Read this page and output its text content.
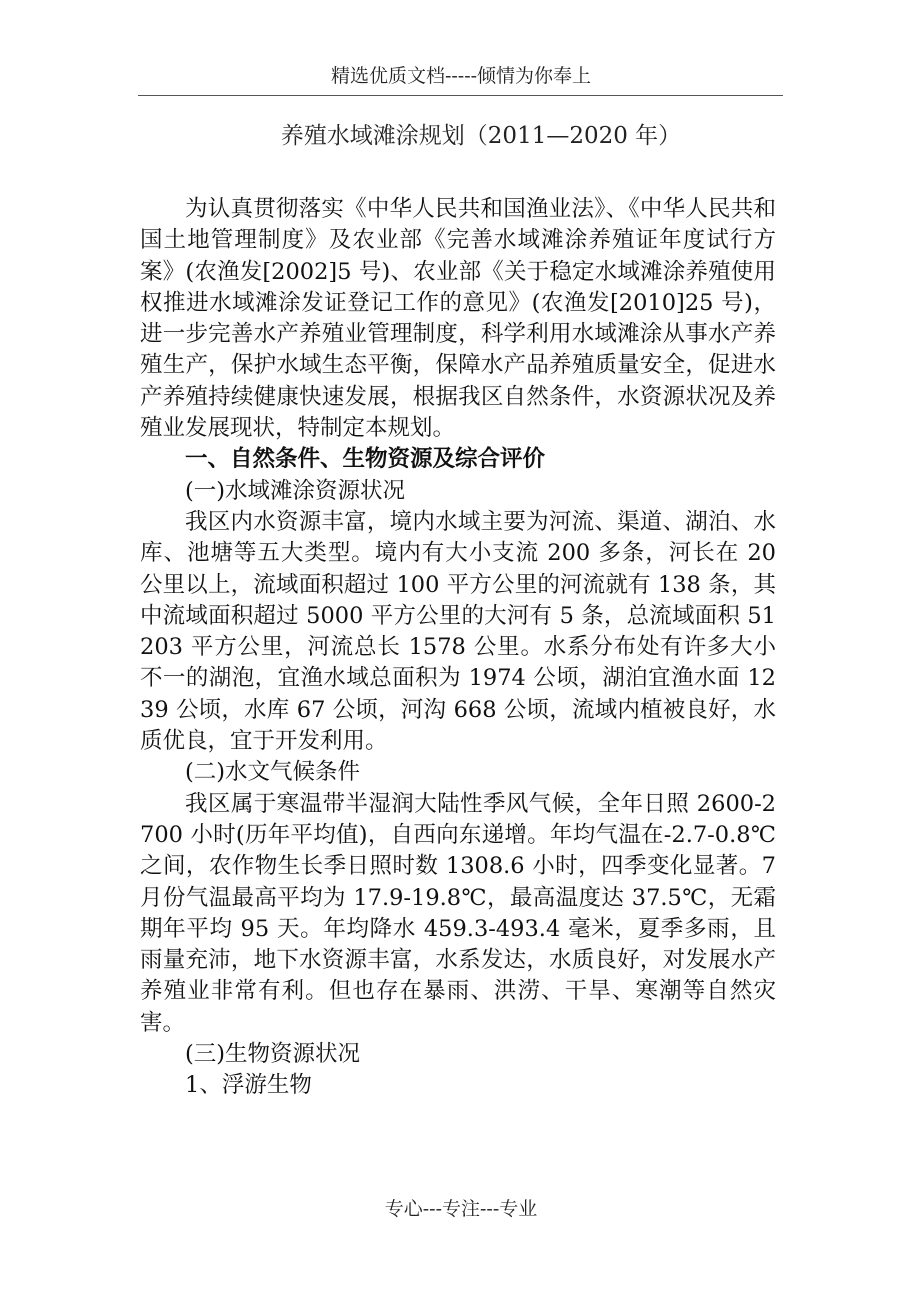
精选优质文档-----倾情为你奉上
养殖水域滩涂规划（2011—2020 年）

为认真贯彻落实《中华人民共和国渔业法》、《中华人民共和国土地管理制度》及农业部《完善水域滩涂养殖证年度试行方案》(农渔发[2002]5 号)、农业部《关于稳定水域滩涂养殖使用权推进水域滩涂发证登记工作的意见》(农渔发[2010]25 号)，进一步完善水产养殖业管理制度，科学利用水域滩涂从事水产养殖生产，保护水域生态平衡，保障水产品养殖质量安全，促进水产养殖持续健康快速发展，根据我区自然条件，水资源状况及养殖业发展现状，特制定本规划。

一、自然条件、生物资源及综合评价

(一)水域滩涂资源状况

我区内水资源丰富，境内水域主要为河流、渠道、湖泊、水库、池塘等五大类型。境内有大小支流 200 多条，河长在 20 公里以上，流域面积超过 100 平方公里的河流就有 138 条，其中流域面积超过 5000 平方公里的大河有 5 条，总流域面积 51203 平方公里，河流总长 1578 公里。水系分布处有许多大小不一的湖泡，宜渔水域总面积为 1974 公顷，湖泊宜渔水面 1239 公顷，水库 67 公顷，河沟 668 公顷，流域内植被良好，水质优良，宜于开发利用。

(二)水文气候条件

我区属于寒温带半湿润大陆性季风气候，全年日照 2600-2700 小时(历年平均值)，自西向东递增。年均气温在-2.7-0.8℃之间，农作物生长季日照时数 1308.6 小时，四季变化显著。7 月份气温最高平均为 17.9-19.8℃，最高温度达 37.5℃，无霜期年平均 95 天。年均降水 459.3-493.4 毫米，夏季多雨，且雨量充沛，地下水资源丰富，水系发达，水质良好，对发展水产养殖业非常有利。但也存在暴雨、洪涝、干旱、寒潮等自然灾害。

(三)生物资源状况

1、浮游生物

专心---专注---专业
